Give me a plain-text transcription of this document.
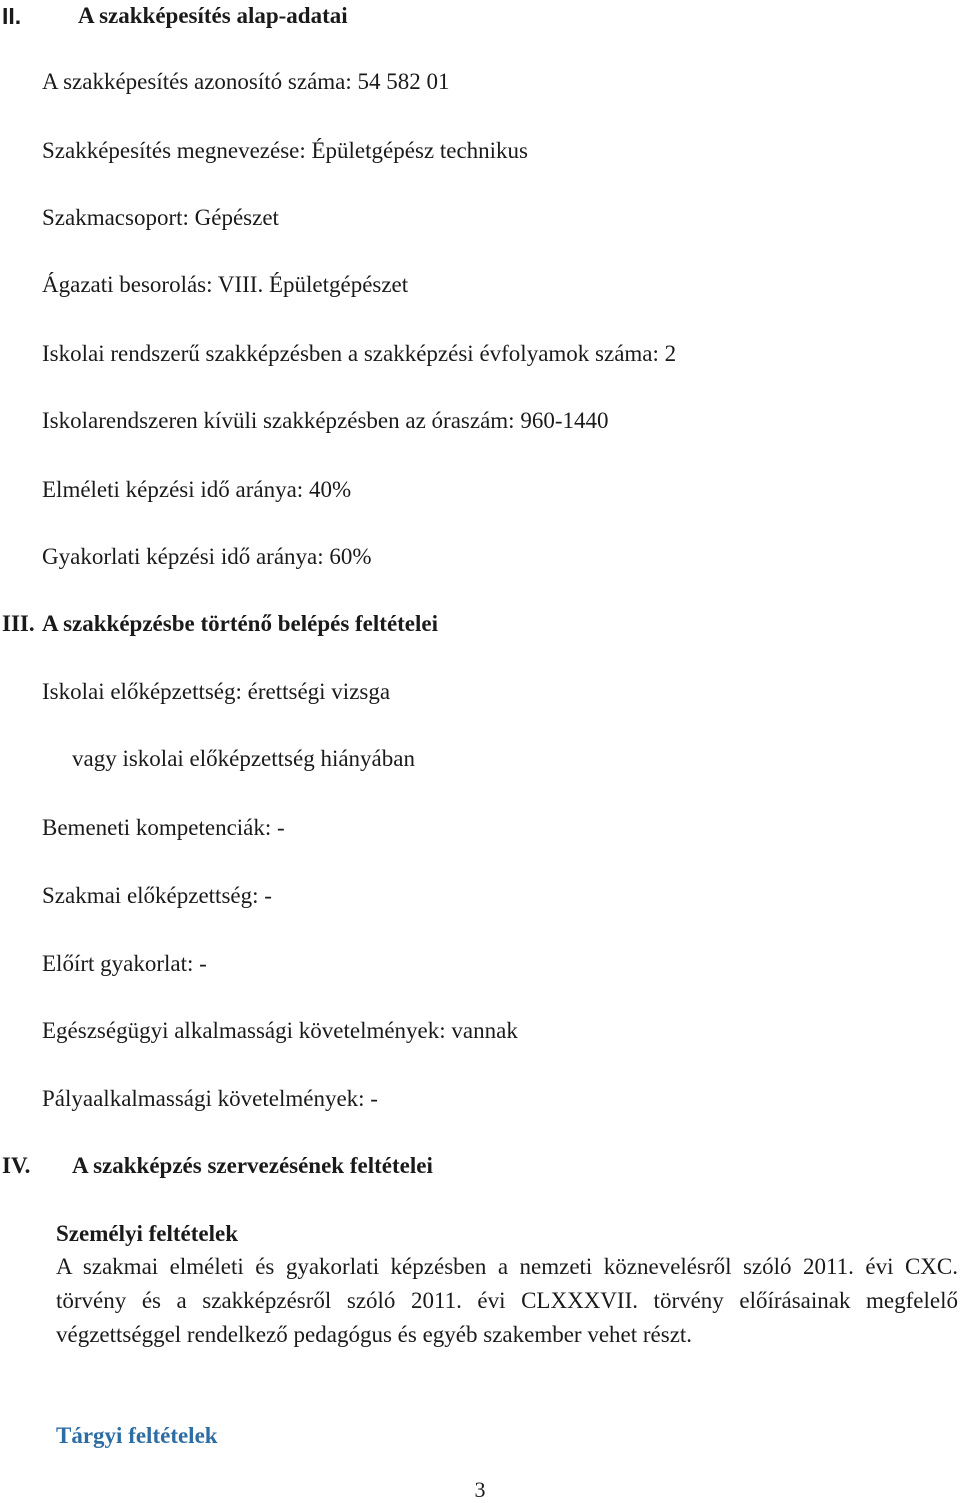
II. A szakképesítés alap-adatai
A szakképesítés azonosító száma: 54 582 01
Szakképesítés megnevezése: Épületgépész technikus
Szakmacsoport: Gépészet
Ágazati besorolás: VIII. Épületgépészet
Iskolai rendszerű szakképzésben a szakképzési évfolyamok száma: 2
Iskolarendszeren kívüli szakképzésben az óraszám: 960-1440
Elméleti képzési idő aránya: 40%
Gyakorlati képzési idő aránya: 60%
III. A szakképzésbe történő belépés feltételei
Iskolai előképzettség: érettségi vizsga
vagy iskolai előképzettség hiányában
Bemeneti kompetenciák: -
Szakmai előképzettség: -
Előírt gyakorlat: -
Egészségügyi alkalmassági követelmények: vannak
Pályaalkalmassági követelmények: -
IV. A szakképzés szervezésének feltételei
Személyi feltételek

A szakmai elméleti és gyakorlati képzésben a nemzeti köznevelésről szóló 2011. évi CXC. törvény és a szakképzésről szóló 2011. évi CLXXXVII. törvény előírásainak megfelelő végzettséggel rendelkező pedagógus és egyéb szakember vehet részt.

Tárgyi feltételek
3
